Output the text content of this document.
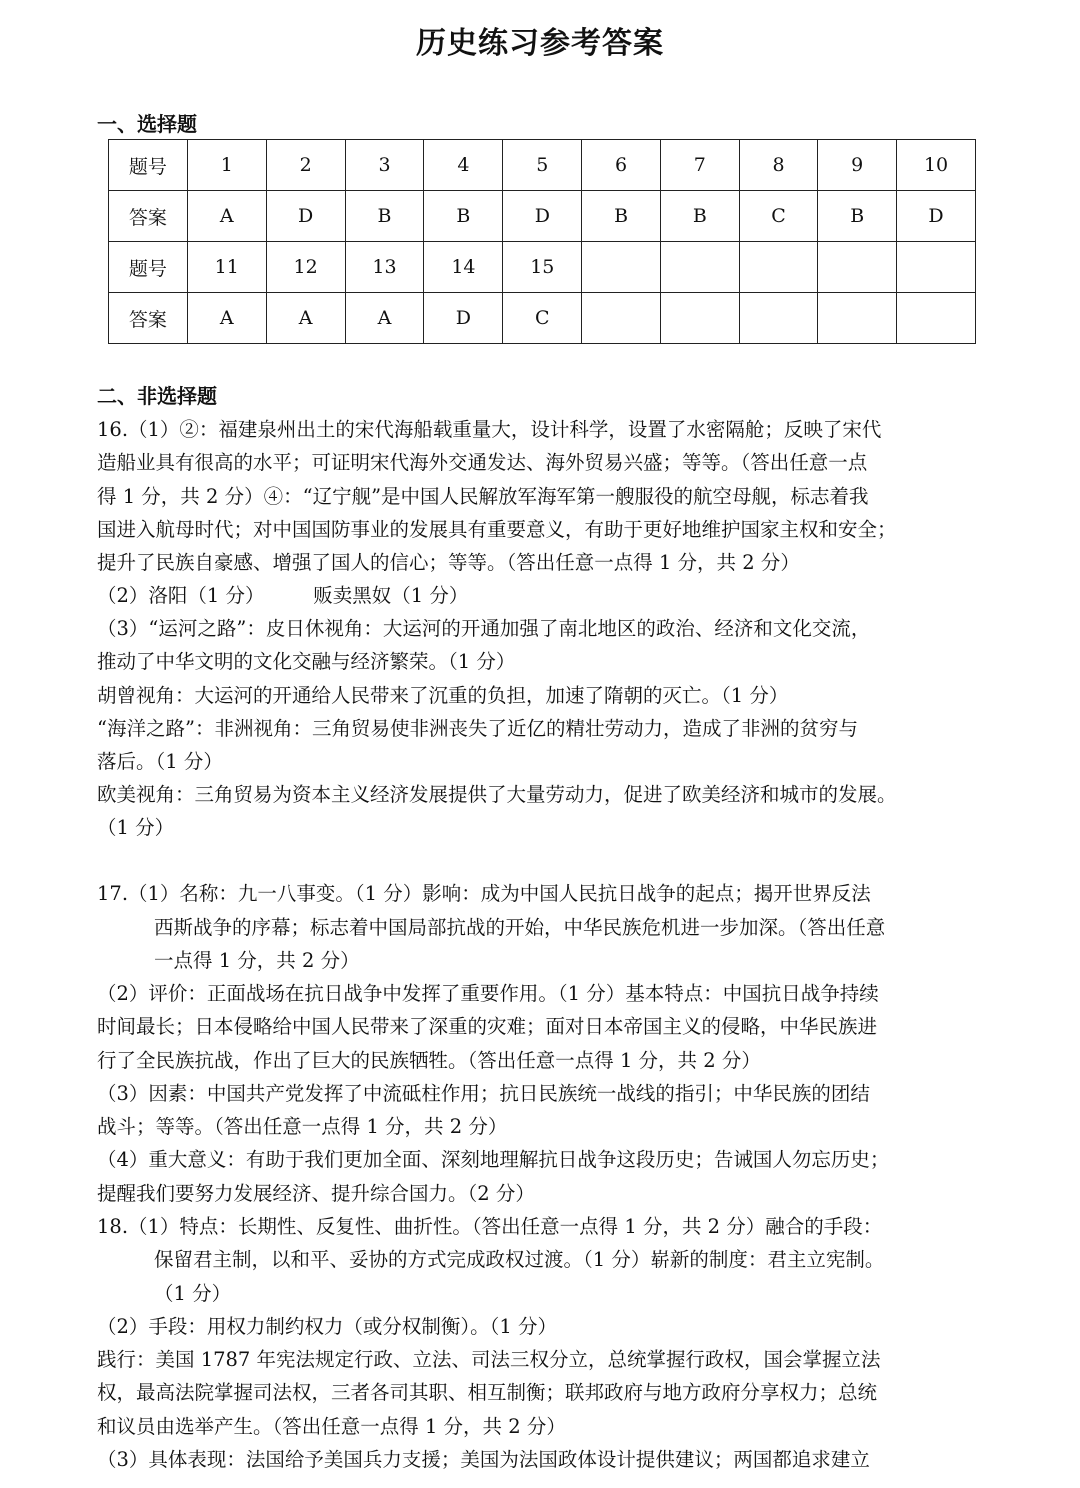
历史练习参考答案
一、选择题
题号	1	2	3	4	5	6	7	8	9	10
答案	A	D	B	B	D	B	B	C	B	D
题号	11	12	13	14	15					
答案	A	A	A	D	C					
二、非选择题
16.（1）②：福建泉州出土的宋代海船载重量大，设计科学，设置了水密隔舱；反映了宋代
造船业具有很高的水平；可证明宋代海外交通发达、海外贸易兴盛；等等。（答出任意一点
得 1 分，共 2 分）④：“辽宁舰”是中国人民解放军海军第一艘服役的航空母舰，标志着我
国进入航母时代；对中国国防事业的发展具有重要意义，有助于更好地维护国家主权和安全；
提升了民族自豪感、增强了国人的信心；等等。（答出任意一点得 1 分，共 2 分）
（2）洛阳（1 分）　　　贩卖黑奴（1 分）
（3）“运河之路”：皮日休视角：大运河的开通加强了南北地区的政治、经济和文化交流，
推动了中华文明的文化交融与经济繁荣。（1 分）
胡曾视角：大运河的开通给人民带来了沉重的负担，加速了隋朝的灭亡。（1 分）
“海洋之路”：非洲视角：三角贸易使非洲丧失了近亿的精壮劳动力，造成了非洲的贫穷与
落后。（1 分）
欧美视角：三角贸易为资本主义经济发展提供了大量劳动力，促进了欧美经济和城市的发展。
（1 分）
17.（1）名称：九一八事变。（1 分）影响：成为中国人民抗日战争的起点；揭开世界反法
西斯战争的序幕；标志着中国局部抗战的开始，中华民族危机进一步加深。（答出任意
一点得 1 分，共 2 分）
（2）评价：正面战场在抗日战争中发挥了重要作用。（1 分）基本特点：中国抗日战争持续
时间最长；日本侵略给中国人民带来了深重的灾难；面对日本帝国主义的侵略，中华民族进
行了全民族抗战，作出了巨大的民族牺牲。（答出任意一点得 1 分，共 2 分）
（3）因素：中国共产党发挥了中流砥柱作用；抗日民族统一战线的指引；中华民族的团结
战斗；等等。（答出任意一点得 1 分，共 2 分）
（4）重大意义：有助于我们更加全面、深刻地理解抗日战争这段历史；告诫国人勿忘历史；
提醒我们要努力发展经济、提升综合国力。（2 分）
18.（1）特点：长期性、反复性、曲折性。（答出任意一点得 1 分，共 2 分）融合的手段：
保留君主制，以和平、妥协的方式完成政权过渡。（1 分）崭新的制度：君主立宪制。
（1 分）
（2）手段：用权力制约权力（或分权制衡）。（1 分）
践行：美国 1787 年宪法规定行政、立法、司法三权分立，总统掌握行政权，国会掌握立法
权，最高法院掌握司法权，三者各司其职、相互制衡；联邦政府与地方政府分享权力；总统
和议员由选举产生。（答出任意一点得 1 分，共 2 分）
（3）具体表现：法国给予美国兵力支援；美国为法国政体设计提供建议；两国都追求建立
